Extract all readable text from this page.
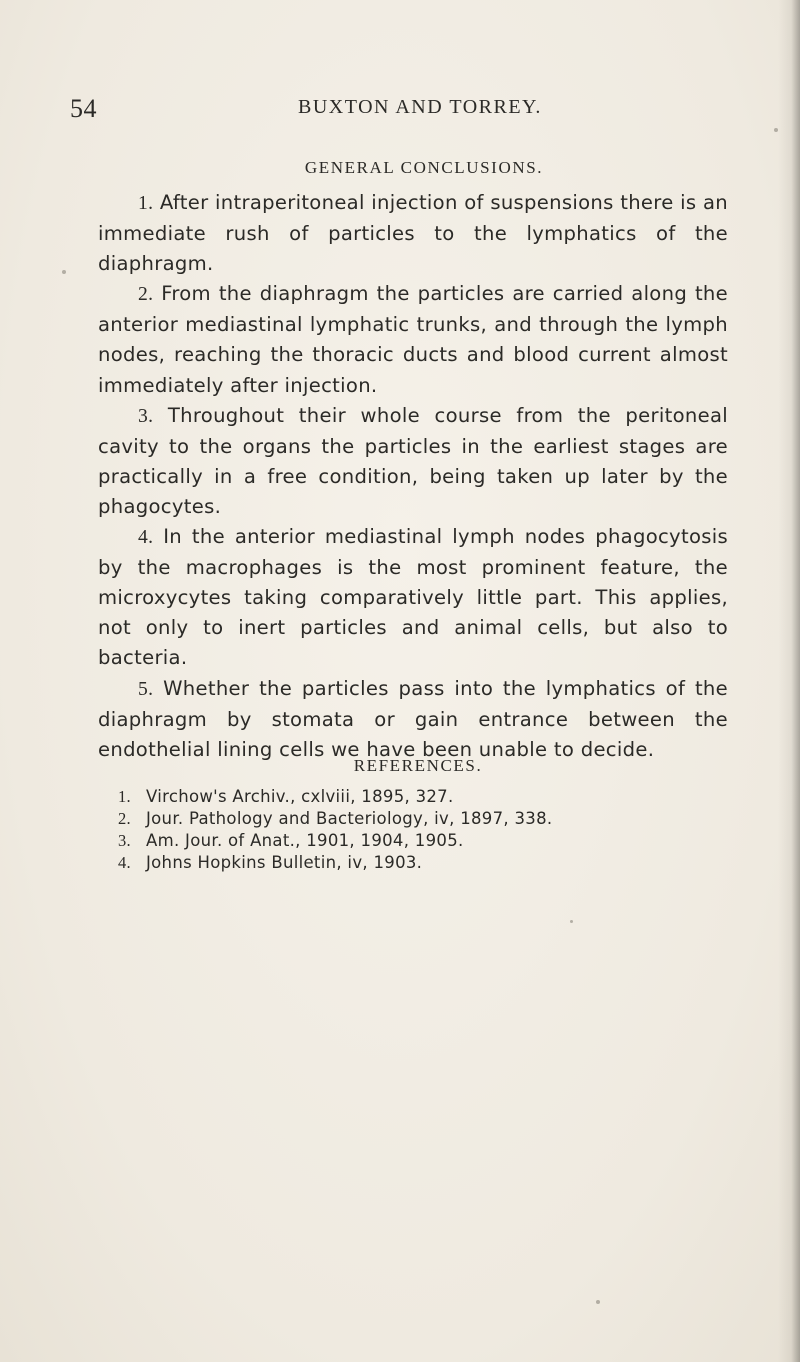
54	BUXTON AND TORREY.
GENERAL CONCLUSIONS.

1. After intraperitoneal injection of suspensions there is an immediate rush of particles to the lymphatics of the diaphragm.

2. From the diaphragm the particles are carried along the anterior mediastinal lymphatic trunks, and through the lymph nodes, reaching the thoracic ducts and blood current almost immediately after injection.

3. Throughout their whole course from the peritoneal cavity to the organs the particles in the earliest stages are practically in a free condition, being taken up later by the phagocytes.

4. In the anterior mediastinal lymph nodes phagocytosis by the macrophages is the most prominent feature, the microxycytes taking comparatively little part. This applies, not only to inert particles and animal cells, but also to bacteria.

5. Whether the particles pass into the lymphatics of the diaphragm by stomata or gain entrance between the endothelial lining cells we have been unable to decide.

REFERENCES.
1. Virchow's Archiv., cxlviii, 1895, 327.
2. Jour. Pathology and Bacteriology, iv, 1897, 338.
3. Am. Jour. of Anat., 1901, 1904, 1905.
4. Johns Hopkins Bulletin, iv, 1903.
